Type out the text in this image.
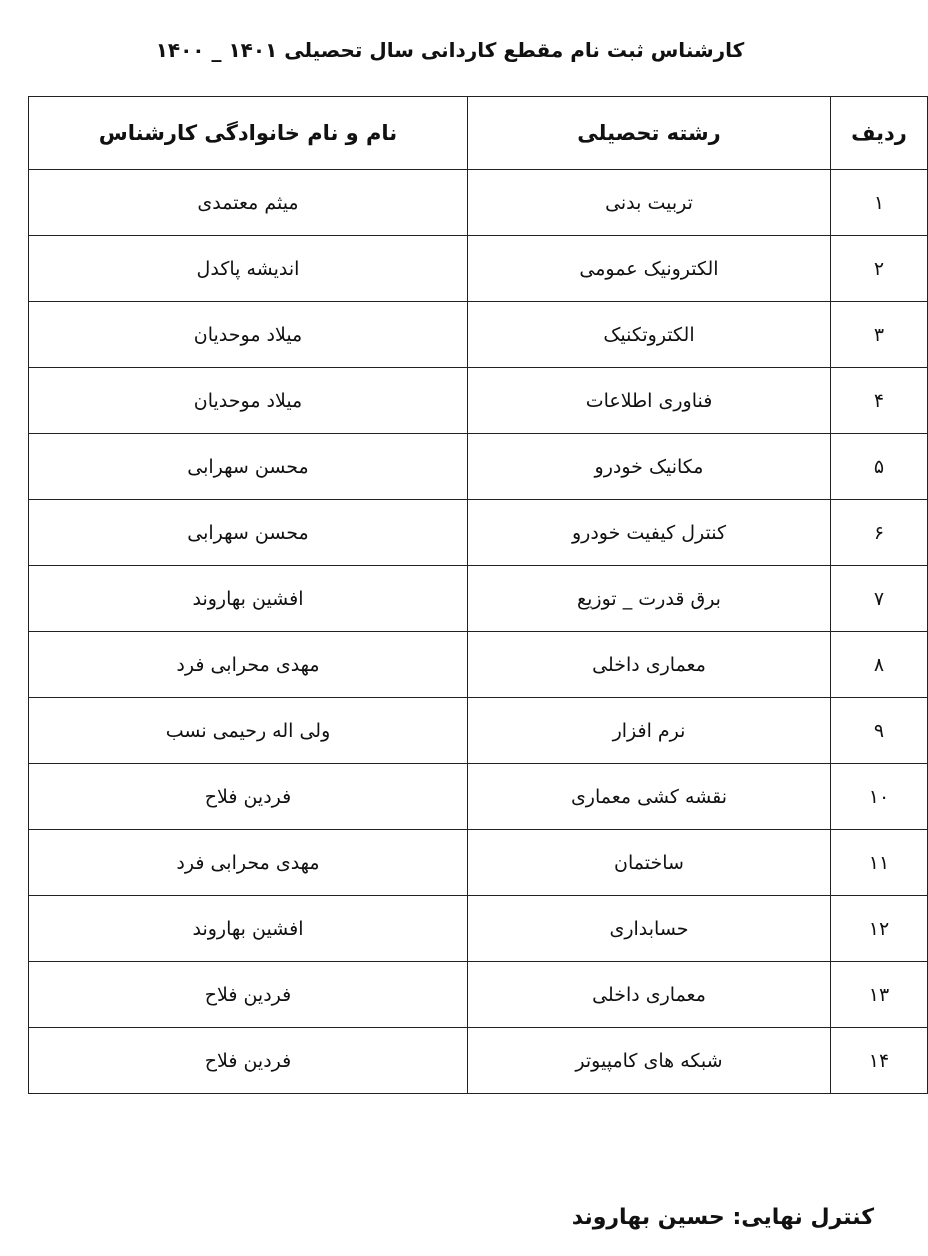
کارشناس ثبت نام مقطع کاردانی سال تحصیلی ۱۴۰۱ _ ۱۴۰۰
ردیف	رشته تحصیلی	نام و نام خانوادگی کارشناس
۱	تربیت بدنی	میثم معتمدی
۲	الکترونیک عمومی	اندیشه پاکدل
۳	الکتروتکنیک	میلاد موحدیان
۴	فناوری اطلاعات	میلاد موحدیان
۵	مکانیک خودرو	محسن سهرابی
۶	کنترل کیفیت خودرو	محسن سهرابی
۷	برق قدرت _ توزیع	افشین بهاروند
۸	معماری داخلی	مهدی محرابی فرد
۹	نرم افزار	ولی اله رحیمی نسب
۱۰	نقشه کشی معماری	فردین فلاح
۱۱	ساختمان	مهدی محرابی فرد
۱۲	حسابداری	افشین بهاروند
۱۳	معماری داخلی	فردین فلاح
۱۴	شبکه های کامپیوتر	فردین فلاح
کنترل نهایی: حسین بهاروند
